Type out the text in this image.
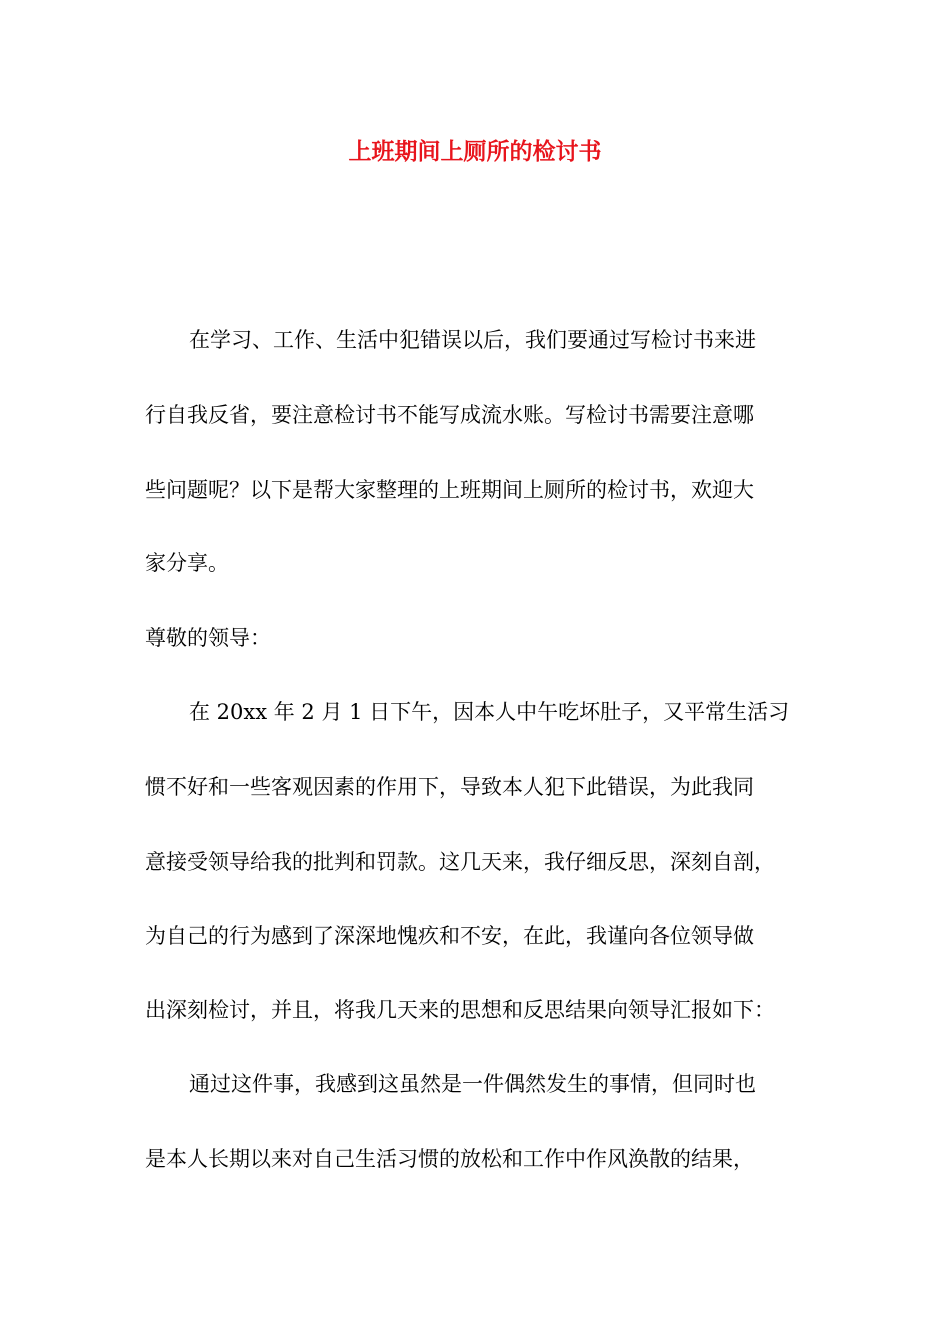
上班期间上厕所的检讨书

在学习、工作、生活中犯错误以后，我们要通过写检讨书来进

行自我反省，要注意检讨书不能写成流水账。写检讨书需要注意哪

些问题呢？以下是帮大家整理的上班期间上厕所的检讨书，欢迎大

家分享。

尊敬的领导：

在 20xx 年 2 月 1 日下午，因本人中午吃坏肚子，又平常生活习

惯不好和一些客观因素的作用下，导致本人犯下此错误，为此我同

意接受领导给我的批判和罚款。这几天来，我仔细反思，深刻自剖，

为自己的行为感到了深深地愧疚和不安，在此，我谨向各位领导做

出深刻检讨，并且，将我几天来的思想和反思结果向领导汇报如下：

通过这件事，我感到这虽然是一件偶然发生的事情，但同时也

是本人长期以来对自己生活习惯的放松和工作中作风涣散的结果，
